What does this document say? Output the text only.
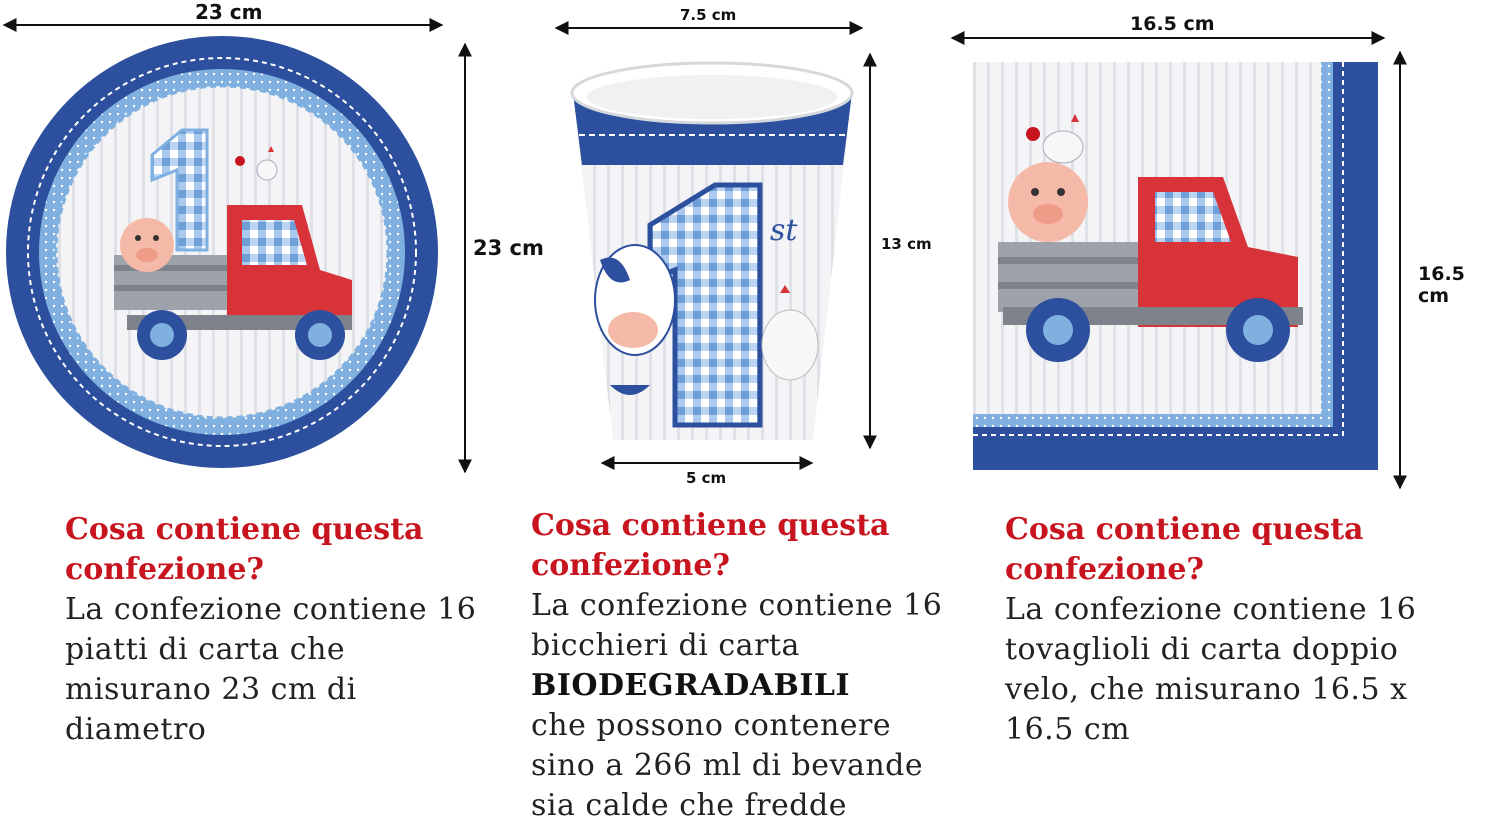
23 cm
23 cm

Cosa contiene questa confezione?

La confezione contiene 16 piatti di carta che misurano 23 cm di diametro

7.5 cm
13 cm
5 cm
st

Cosa contiene questa confezione?

La confezione contiene 16 bicchieri di carta

BIODEGRADABILI

che possono contenere sino a 266 ml di bevande sia calde che fredde

16.5 cm
16.5 cm

Cosa contiene questa confezione?

La confezione contiene 16 tovaglioli di carta doppio velo, che misurano 16.5 x 16.5 cm
